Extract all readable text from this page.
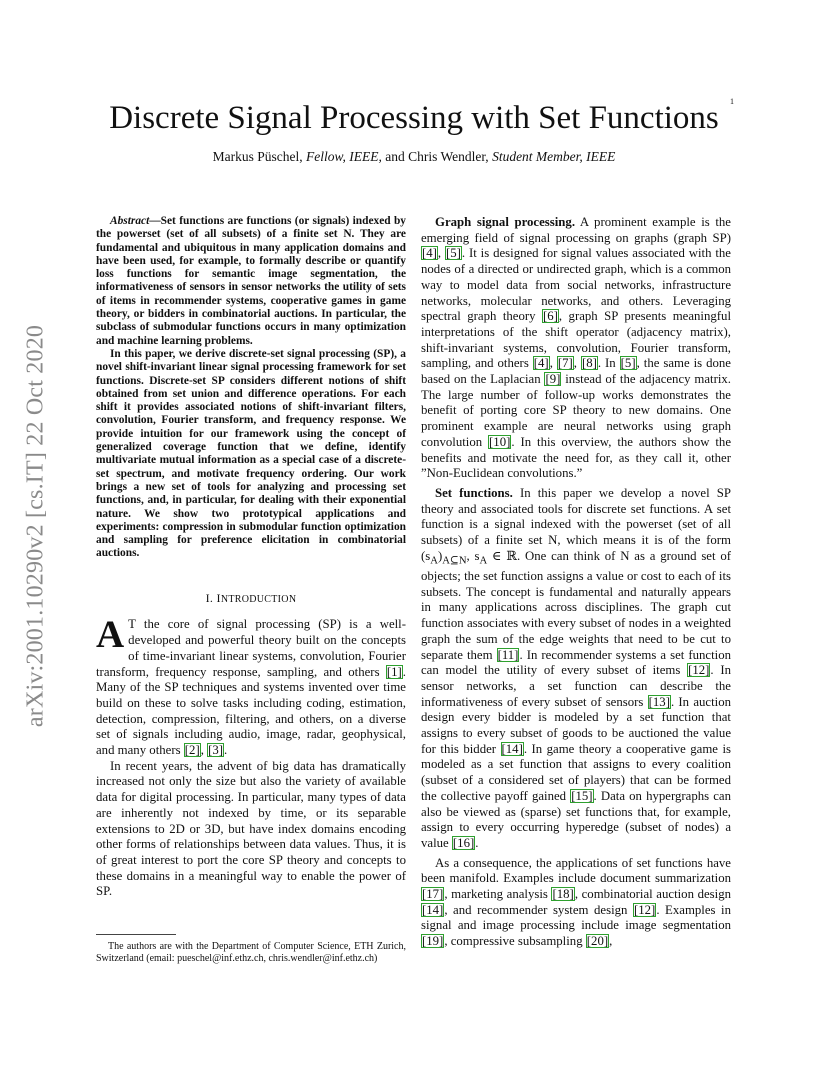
1
arXiv:2001.10290v2 [cs.IT] 22 Oct 2020
Discrete Signal Processing with Set Functions
Markus Püschel, Fellow, IEEE, and Chris Wendler, Student Member, IEEE

Abstract—Set functions are functions (or signals) indexed by the powerset (set of all subsets) of a finite set N. They are fundamental and ubiquitous in many application domains and have been used, for example, to formally describe or quantify loss functions for semantic image segmentation, the informativeness of sensors in sensor networks the utility of sets of items in recommender systems, cooperative games in game theory, or bidders in combinatorial auctions. In particular, the subclass of submodular functions occurs in many optimization and machine learning problems.

In this paper, we derive discrete-set signal processing (SP), a novel shift-invariant linear signal processing framework for set functions. Discrete-set SP considers different notions of shift obtained from set union and difference operations. For each shift it provides associated notions of shift-invariant filters, convolution, Fourier transform, and frequency response. We provide intuition for our framework using the concept of generalized coverage function that we define, identify multivariate mutual information as a special case of a discrete-set spectrum, and motivate frequency ordering. Our work brings a new set of tools for analyzing and processing set functions, and, in particular, for dealing with their exponential nature. We show two prototypical applications and experiments: compression in submodular function optimization and sampling for preference elicitation in combinatorial auctions.

I. INTRODUCTION

A T the core of signal processing (SP) is a well-developed and powerful theory built on the concepts of time-invariant linear systems, convolution, Fourier transform, frequency response, sampling, and others [1]. Many of the SP techniques and systems invented over time build on these to solve tasks including coding, estimation, detection, compression, filtering, and others, on a diverse set of signals including audio, image, radar, geophysical, and many others [2], [3].

In recent years, the advent of big data has dramatically increased not only the size but also the variety of available data for digital processing. In particular, many types of data are inherently not indexed by time, or its separable extensions to 2D or 3D, but have index domains encoding other forms of relationships between data values. Thus, it is of great interest to port the core SP theory and concepts to these domains in a meaningful way to enable the power of SP.

The authors are with the Department of Computer Science, ETH Zurich, Switzerland (email: pueschel@inf.ethz.ch, chris.wendler@inf.ethz.ch)

Graph signal processing. A prominent example is the emerging field of signal processing on graphs (graph SP) [4], [5]. It is designed for signal values associated with the nodes of a directed or undirected graph, which is a common way to model data from social networks, infrastructure networks, molecular networks, and others. Leveraging spectral graph theory [6], graph SP presents meaningful interpretations of the shift operator (adjacency matrix), shift-invariant systems, convolution, Fourier transform, sampling, and others [4], [7], [8]. In [5], the same is done based on the Laplacian [9] instead of the adjacency matrix. The large number of follow-up works demonstrates the benefit of porting core SP theory to new domains. One prominent example are neural networks using graph convolution [10]. In this overview, the authors show the benefits and motivate the need for, as they call it, other ”Non-Euclidean convolutions.”

Set functions. In this paper we develop a novel SP theory and associated tools for discrete set functions. A set function is a signal indexed with the powerset (set of all subsets) of a finite set N, which means it is of the form $(s_A)_{A⊆N}$, $s_A$ ∈ ℝ. One can think of N as a ground set of objects; the set function assigns a value or cost to each of its subsets. The concept is fundamental and naturally appears in many applications across disciplines. The graph cut function associates with every subset of nodes in a weighted graph the sum of the edge weights that need to be cut to separate them [11]. In recommender systems a set function can model the utility of every subset of items [12]. In sensor networks, a set function can describe the informativeness of every subset of sensors [13]. In auction design every bidder is modeled by a set function that assigns to every subset of goods to be auctioned the value for this bidder [14]. In game theory a cooperative game is modeled as a set function that assigns to every coalition (subset of a considered set of players) that can be formed the collective payoff gained [15]. Data on hypergraphs can also be viewed as (sparse) set functions that, for example, assign to every occurring hyperedge (subset of nodes) a value [16].

As a consequence, the applications of set functions have been manifold. Examples include document summarization [17], marketing analysis [18], combinatorial auction design [14], and recommender system design [12]. Examples in signal and image processing include image segmentation [19], compressive subsampling [20],
